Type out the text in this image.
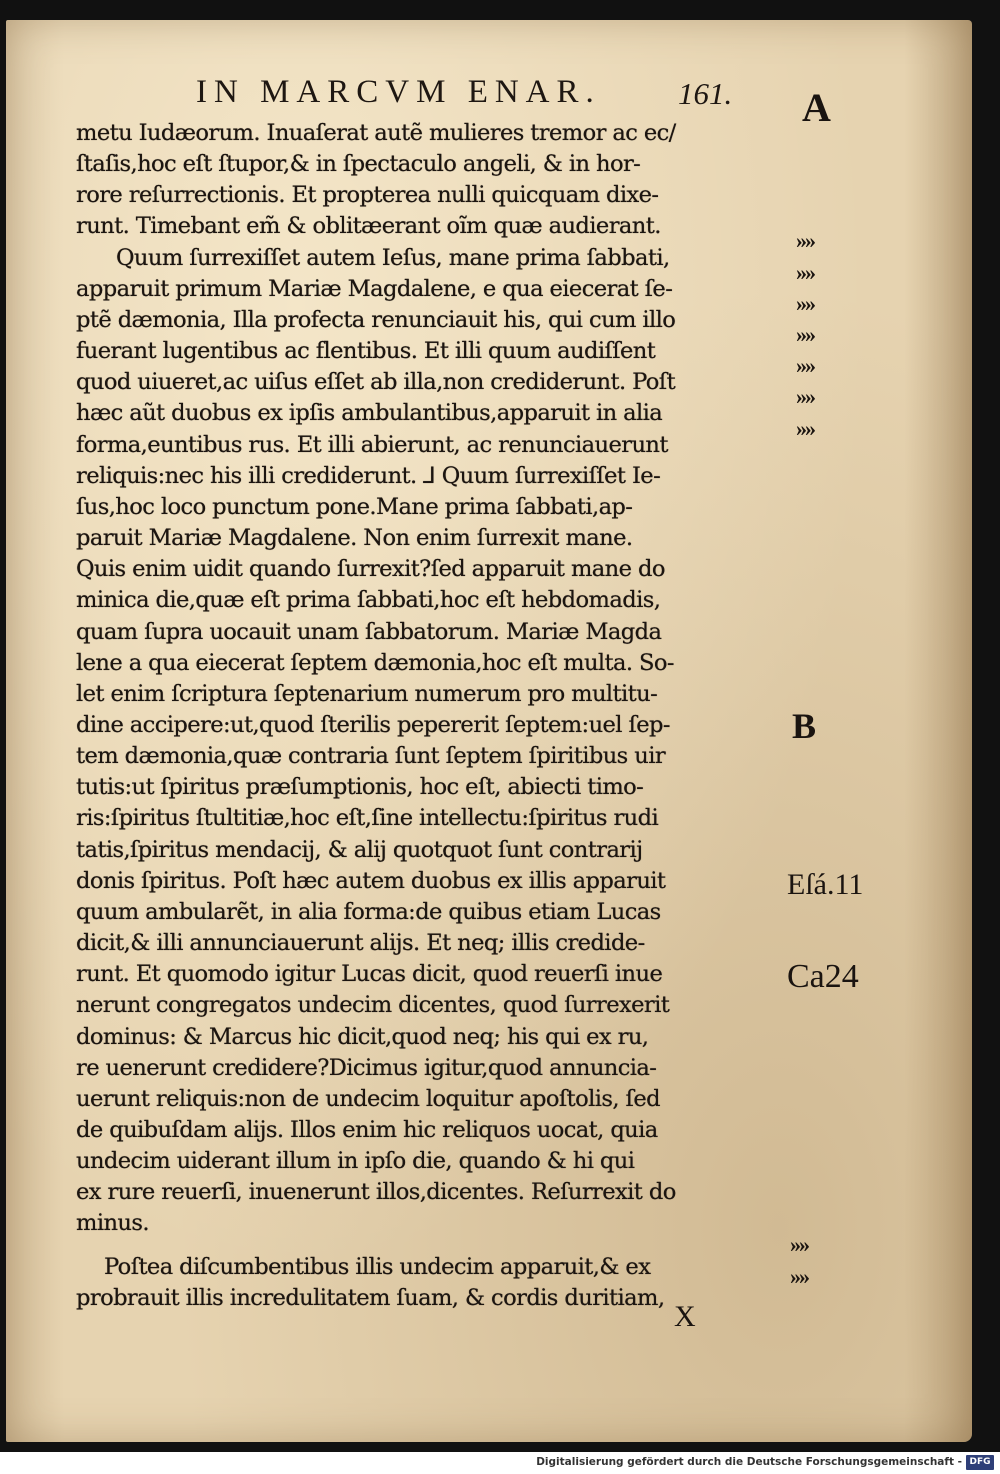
IN MARCVM ENAR. 161.
metu Iudæorum. Inuaſerat autẽ mulieres tremor ac ec/
ſtaſis,hoc eſt ſtupor,& in ſpectaculo angeli, & in hor-
rore reſurrectionis. Et propterea nulli quicquam dixe-
runt. Timebant em̃ & oblitæerant oĩm quæ audierant.
Quum ſurrexiſſet autem Ieſus, mane prima ſabbati,
apparuit primum Mariæ Magdalene, e qua eiecerat ſe-
ptẽ dæmonia, Illa profecta renunciauit his, qui cum illo
fuerant lugentibus ac flentibus. Et illi quum audiſſent
quod uiueret,ac uiſus eſſet ab illa,non crediderunt. Poſt
hæc aũt duobus ex ipſis ambulantibus,apparuit in alia
forma,euntibus rus. Et illi abierunt, ac renunciauerunt
reliquis:nec his illi crediderunt. ⅃ Quum ſurrexiſſet Ie-
ſus,hoc loco punctum pone.Mane prima ſabbati,ap-
paruit Mariæ Magdalene. Non enim ſurrexit mane.
Quis enim uidit quando ſurrexit?ſed apparuit mane do
minica die,quæ eſt prima ſabbati,hoc eſt hebdomadis,
quam ſupra uocauit unam ſabbatorum. Mariæ Magda
lene a qua eiecerat ſeptem dæmonia,hoc eſt multa. So-
let enim ſcriptura ſeptenarium numerum pro multitu-
dine accipere:ut,quod ſterilis pepererit ſeptem:uel ſep-
tem dæmonia,quæ contraria ſunt ſeptem ſpiritibus uir
tutis:ut ſpiritus præſumptionis, hoc eſt, abiecti timo-
ris:ſpiritus ſtultitiæ,hoc eſt,ſine intellectu:ſpiritus rudi
tatis,ſpiritus mendacij, & alij quotquot ſunt contrarij
donis ſpiritus. Poſt hæc autem duobus ex illis apparuit
quum ambularẽt, in alia forma:de quibus etiam Lucas
dicit,& illi annunciauerunt alijs. Et neq; illis credide-
runt. Et quomodo igitur Lucas dicit, quod reuerſi inue
nerunt congregatos undecim dicentes, quod ſurrexerit
dominus: & Marcus hic dicit,quod neq; his qui ex ru,
re uenerunt credidere?Dicimus igitur,quod annuncia-
uerunt reliquis:non de undecim loquitur apoſtolis, ſed
de quibuſdam alijs. Illos enim hic reliquos uocat, quia
undecim uiderant illum in ipſo die, quando & hi qui
ex rure reuerſi, inuenerunt illos,dicentes. Reſurrexit do
minus.
Poſtea diſcumbentibus illis undecim apparuit,& ex
probrauit illis incredulitatem ſuam, & cordis duritiam,
A
B
Eſá.11
Ca24
»»
»»
»»
»»
»»
»»
»»
»»
»»
X
Digitalisierung gefördert durch die Deutsche Forschungsgemeinschaft - DFG
